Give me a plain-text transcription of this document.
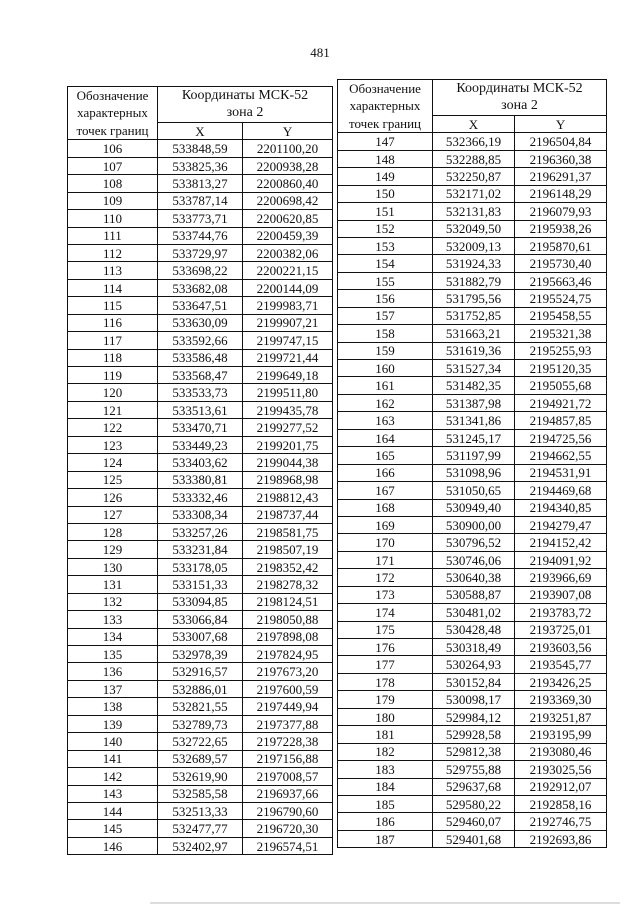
481
Обозначение
характерных
точек границ	Координаты МСК-52
зона 2	

	X	Y
106	533848,59	2201100,20
107	533825,36	2200938,28
108	533813,27	2200860,40
109	533787,14	2200698,42
110	533773,71	2200620,85
111	533744,76	2200459,39
112	533729,97	2200382,06
113	533698,22	2200221,15
114	533682,08	2200144,09
115	533647,51	2199983,71
116	533630,09	2199907,21
117	533592,66	2199747,15
118	533586,48	2199721,44
119	533568,47	2199649,18
120	533533,73	2199511,80
121	533513,61	2199435,78
122	533470,71	2199277,52
123	533449,23	2199201,75
124	533403,62	2199044,38
125	533380,81	2198968,98
126	533332,46	2198812,43
127	533308,34	2198737,44
128	533257,26	2198581,75
129	533231,84	2198507,19
130	533178,05	2198352,42
131	533151,33	2198278,32
132	533094,85	2198124,51
133	533066,84	2198050,88
134	533007,68	2197898,08
135	532978,39	2197824,95
136	532916,57	2197673,20
137	532886,01	2197600,59
138	532821,55	2197449,94
139	532789,73	2197377,88
140	532722,65	2197228,38
141	532689,57	2197156,88
142	532619,90	2197008,57
143	532585,58	2196937,66
144	532513,33	2196790,60
145	532477,77	2196720,30
146	532402,97	2196574,51
Обозначение
характерных
точек границ	Координаты МСК-52
зона 2	

	X	Y
147	532366,19	2196504,84
148	532288,85	2196360,38
149	532250,87	2196291,37
150	532171,02	2196148,29
151	532131,83	2196079,93
152	532049,50	2195938,26
153	532009,13	2195870,61
154	531924,33	2195730,40
155	531882,79	2195663,46
156	531795,56	2195524,75
157	531752,85	2195458,55
158	531663,21	2195321,38
159	531619,36	2195255,93
160	531527,34	2195120,35
161	531482,35	2195055,68
162	531387,98	2194921,72
163	531341,86	2194857,85
164	531245,17	2194725,56
165	531197,99	2194662,55
166	531098,96	2194531,91
167	531050,65	2194469,68
168	530949,40	2194340,85
169	530900,00	2194279,47
170	530796,52	2194152,42
171	530746,06	2194091,92
172	530640,38	2193966,69
173	530588,87	2193907,08
174	530481,02	2193783,72
175	530428,48	2193725,01
176	530318,49	2193603,56
177	530264,93	2193545,77
178	530152,84	2193426,25
179	530098,17	2193369,30
180	529984,12	2193251,87
181	529928,58	2193195,99
182	529812,38	2193080,46
183	529755,88	2193025,56
184	529637,68	2192912,07
185	529580,22	2192858,16
186	529460,07	2192746,75
187	529401,68	2192693,86
